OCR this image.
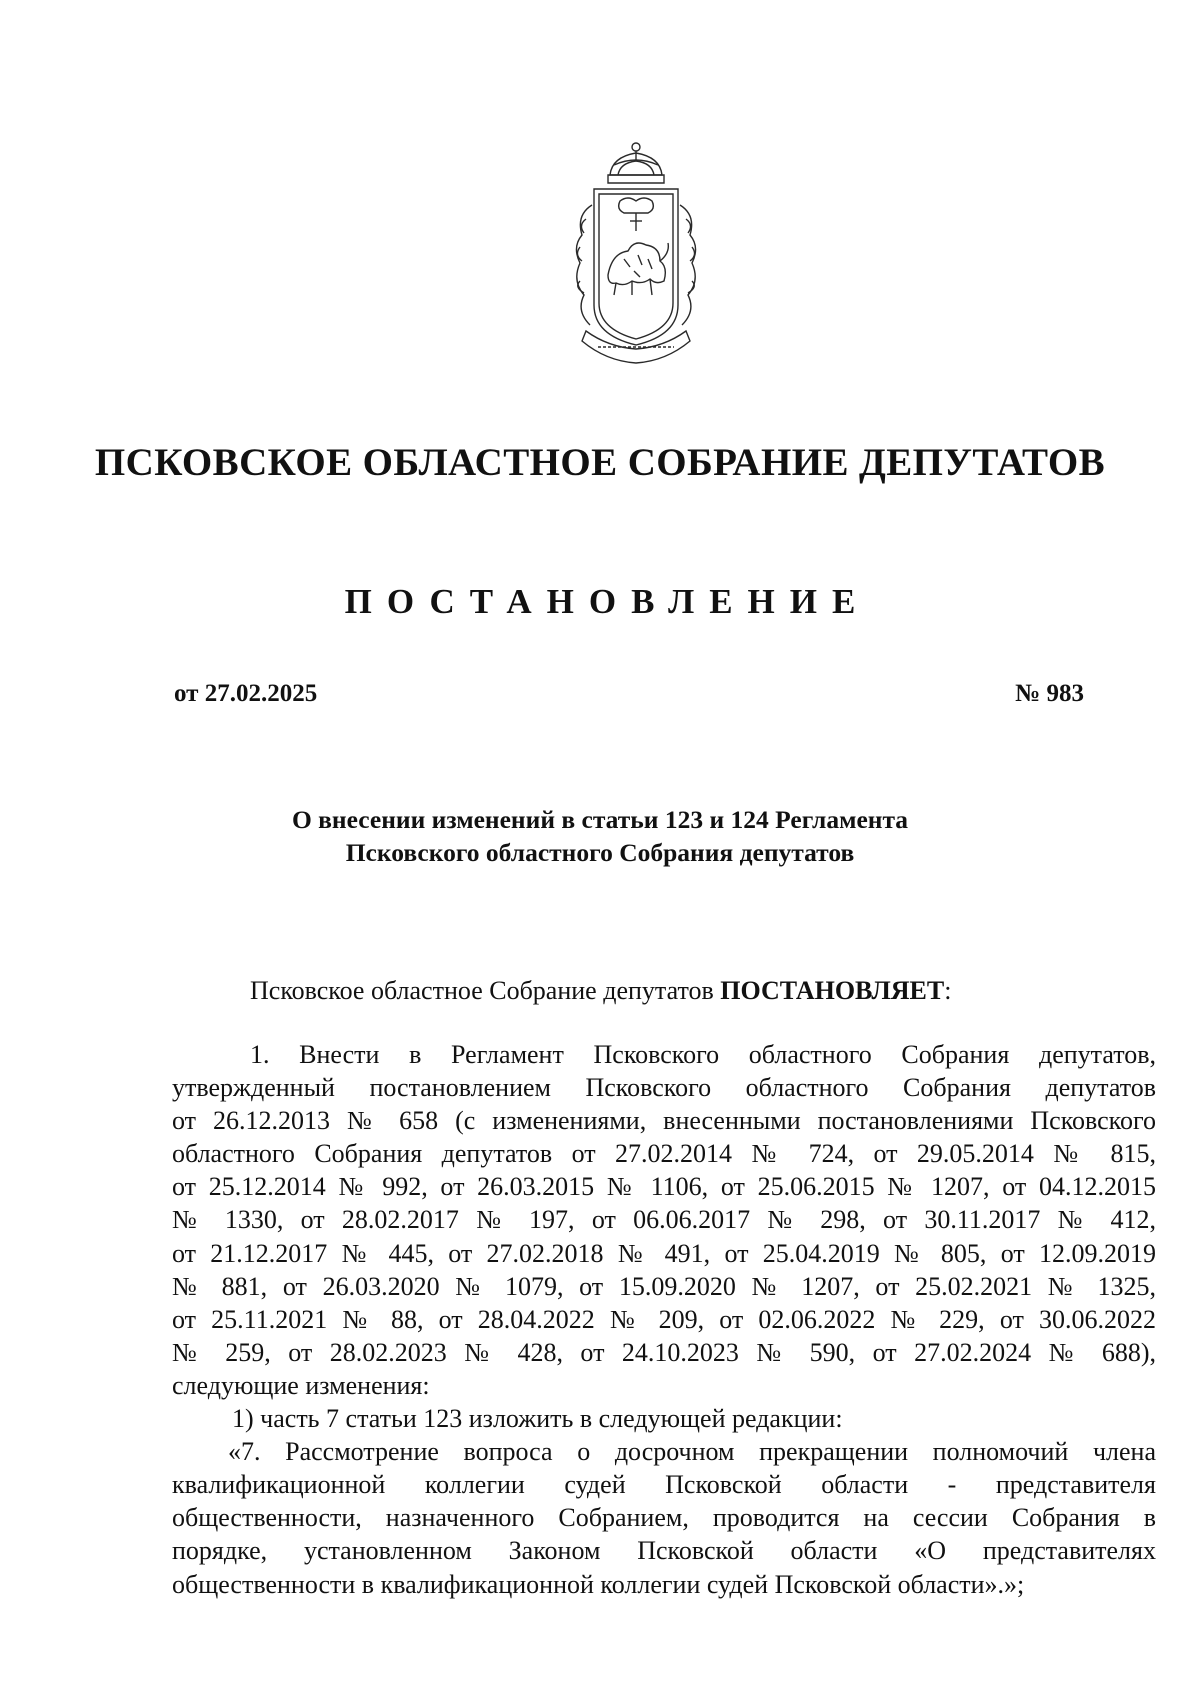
ПСКОВСКОЕ ОБЛАСТНОЕ СОБРАНИЕ ДЕПУТАТОВ
ПОСТАНОВЛЕНИЕ
от 27.02.2025	№ 983
О внесении изменений в статьи 123 и 124 Регламента
Псковского областного Собрания депутатов
Псковское областное Собрание депутатов ПОСТАНОВЛЯЕТ:
1. Внести в Регламент Псковского областного Собрания депутатов,
утвержденный постановлением Псковского областного Собрания депутатов
от 26.12.2013 № 658 (с изменениями, внесенными постановлениями Псковского
областного Собрания депутатов от 27.02.2014 № 724, от 29.05.2014 № 815,
от 25.12.2014 № 992, от 26.03.2015 № 1106, от 25.06.2015 № 1207, от 04.12.2015
№ 1330, от 28.02.2017 № 197, от 06.06.2017 № 298, от 30.11.2017 № 412,
от 21.12.2017 № 445, от 27.02.2018 № 491, от 25.04.2019 № 805, от 12.09.2019
№ 881, от 26.03.2020 № 1079, от 15.09.2020 № 1207, от 25.02.2021 № 1325,
от 25.11.2021 № 88, от 28.04.2022 № 209, от 02.06.2022 № 229, от 30.06.2022
№ 259, от 28.02.2023 № 428, от 24.10.2023 № 590, от 27.02.2024 № 688),
следующие изменения:
1) часть 7 статьи 123 изложить в следующей редакции:
«7. Рассмотрение вопроса о досрочном прекращении полномочий члена
квалификационной коллегии судей Псковской области - представителя
общественности, назначенного Собранием, проводится на сессии Собрания в
порядке, установленном Законом Псковской области «О представителях
общественности в квалификационной коллегии судей Псковской области».»;
